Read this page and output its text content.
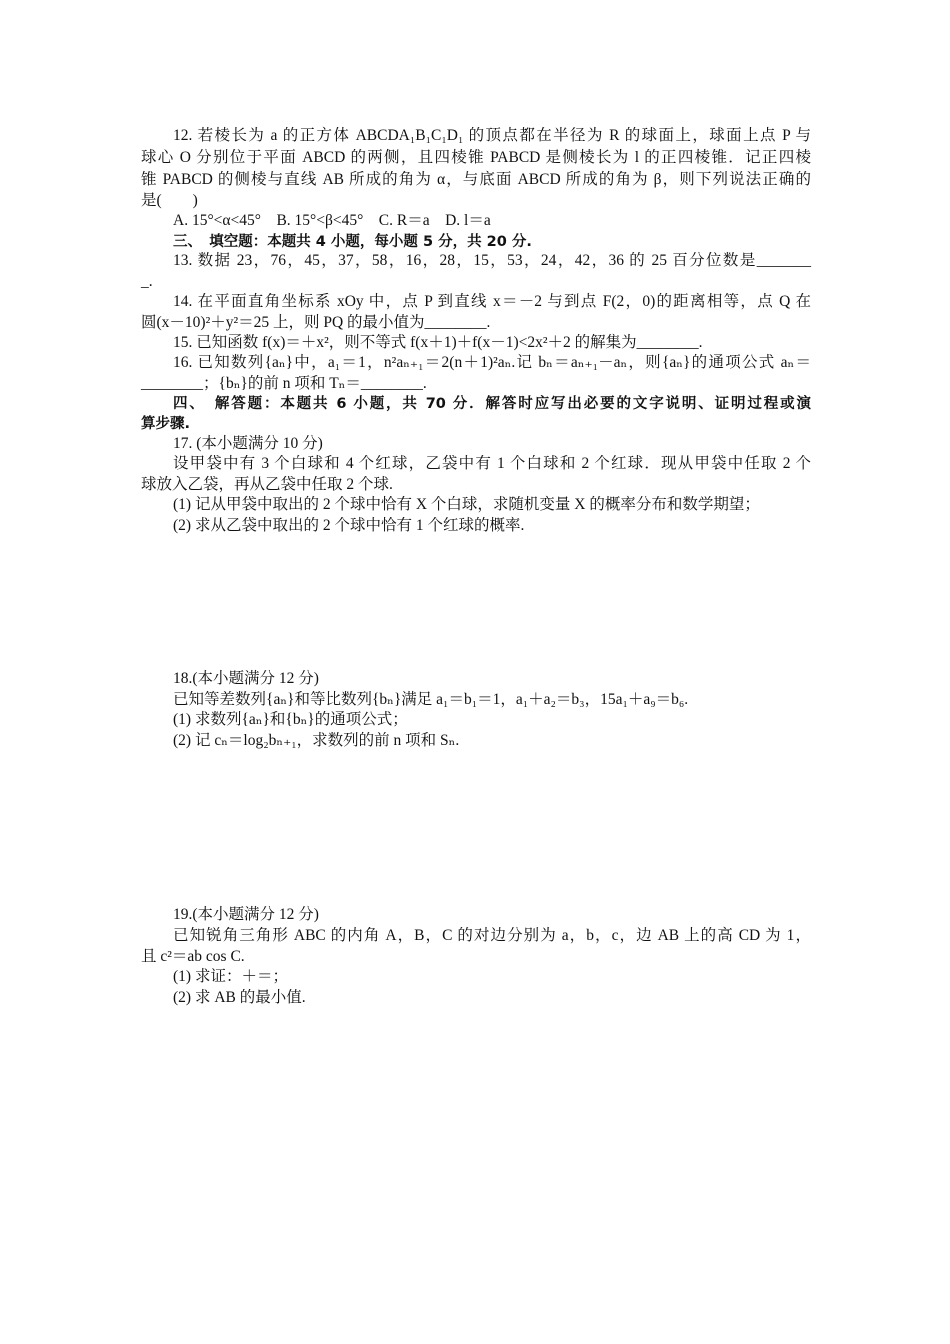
12. 若棱长为 a 的正方体 ABCDA₁B₁C₁D₁ 的顶点都在半径为 R 的球面上，球面上点 P 与
球心 O 分别位于平面 ABCD 的两侧，且四棱锥 PABCD 是侧棱长为 l 的正四棱锥．记正四棱
锥 PABCD 的侧棱与直线 AB 所成的角为 α，与底面 ABCD 所成的角为 β，则下列说法正确的
是(　　)
A. 15°<α<45°　B. 15°<β<45°　C. R＝a　D. l＝a
三、　填空题：本题共 4 小题，每小题 5 分，共 20 分.
13. 数据 23，76，45，37，58，16，28，15，53，24，42，36 的 25 百分位数是_______
_.
14. 在平面直角坐标系 xOy 中，点 P 到直线 x＝－2 与到点 F(2，0)的距离相等，点 Q 在
圆(x－10)²＋y²＝25 上，则 PQ 的最小值为________.
15. 已知函数 f(x)＝＋x²，则不等式 f(x＋1)＋f(x－1)<2x²＋2 的解集为________.
16. 已知数列{aₙ}中，a₁＝1，n²aₙ₊₁＝2(n＋1)²aₙ.记 bₙ＝aₙ₊₁－aₙ，则{aₙ}的通项公式 aₙ＝
________；{bₙ}的前 n 项和 Tₙ＝________.
四、　解答题：本题共 6 小题，共 70 分．解答时应写出必要的文字说明、证明过程或演
算步骤.
17. (本小题满分 10 分)
设甲袋中有 3 个白球和 4 个红球，乙袋中有 1 个白球和 2 个红球．现从甲袋中任取 2 个
球放入乙袋，再从乙袋中任取 2 个球.
(1) 记从甲袋中取出的 2 个球中恰有 X 个白球，求随机变量 X 的概率分布和数学期望；
(2) 求从乙袋中取出的 2 个球中恰有 1 个红球的概率.
18.(本小题满分 12 分)
已知等差数列{aₙ}和等比数列{bₙ}满足 a₁＝b₁＝1，a₁＋a₂＝b₃，15a₁＋a₉＝b₆.
(1) 求数列{aₙ}和{bₙ}的通项公式；
(2) 记 cₙ＝log₂bₙ₊₁，求数列的前 n 项和 Sₙ.
19.(本小题满分 12 分)
已知锐角三角形 ABC 的内角 A，B，C 的对边分别为 a，b，c，边 AB 上的高 CD 为 1，
且 c²＝ab cos C.
(1) 求证：＋＝；
(2) 求 AB 的最小值.
